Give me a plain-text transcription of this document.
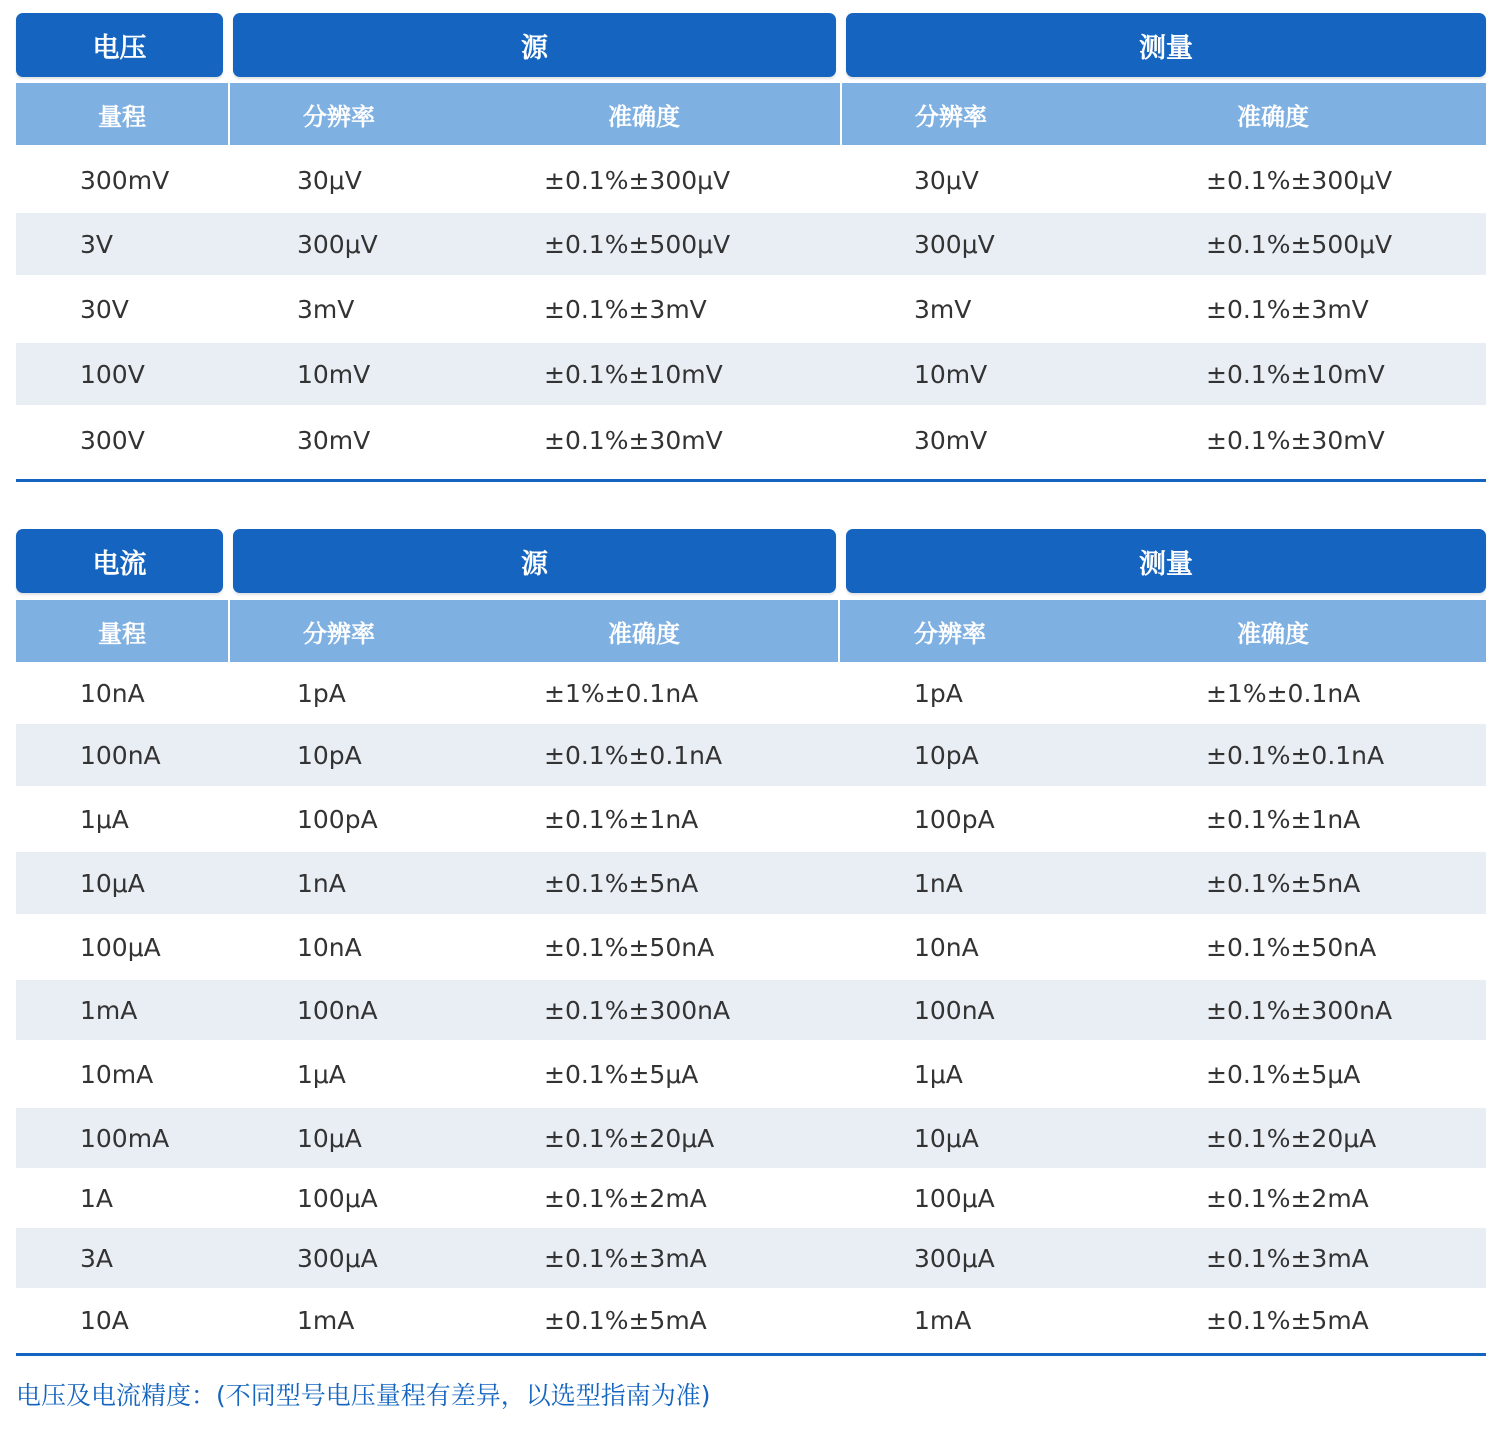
电压	源	测量
量程	分辨率	准确度	分辨率	准确度
300mV	30μV	±0.1%±300μV	30μV	±0.1%±300μV
3V	300μV	±0.1%±500μV	300μV	±0.1%±500μV
30V	3mV	±0.1%±3mV	3mV	±0.1%±3mV
100V	10mV	±0.1%±10mV	10mV	±0.1%±10mV
300V	30mV	±0.1%±30mV	30mV	±0.1%±30mV
电流	源	测量
量程	分辨率	准确度	分辨率	准确度
10nA	1pA	±1%±0.1nA	1pA	±1%±0.1nA
100nA	10pA	±0.1%±0.1nA	10pA	±0.1%±0.1nA
1μA	100pA	±0.1%±1nA	100pA	±0.1%±1nA
10μA	1nA	±0.1%±5nA	1nA	±0.1%±5nA
100μA	10nA	±0.1%±50nA	10nA	±0.1%±50nA
1mA	100nA	±0.1%±300nA	100nA	±0.1%±300nA
10mA	1μA	±0.1%±5μA	1μA	±0.1%±5μA
100mA	10μA	±0.1%±20μA	10μA	±0.1%±20μA
1A	100μA	±0.1%±2mA	100μA	±0.1%±2mA
3A	300μA	±0.1%±3mA	300μA	±0.1%±3mA
10A	1mA	±0.1%±5mA	1mA	±0.1%±5mA
电压及电流精度：(不同型号电压量程有差异，以选型指南为准)
